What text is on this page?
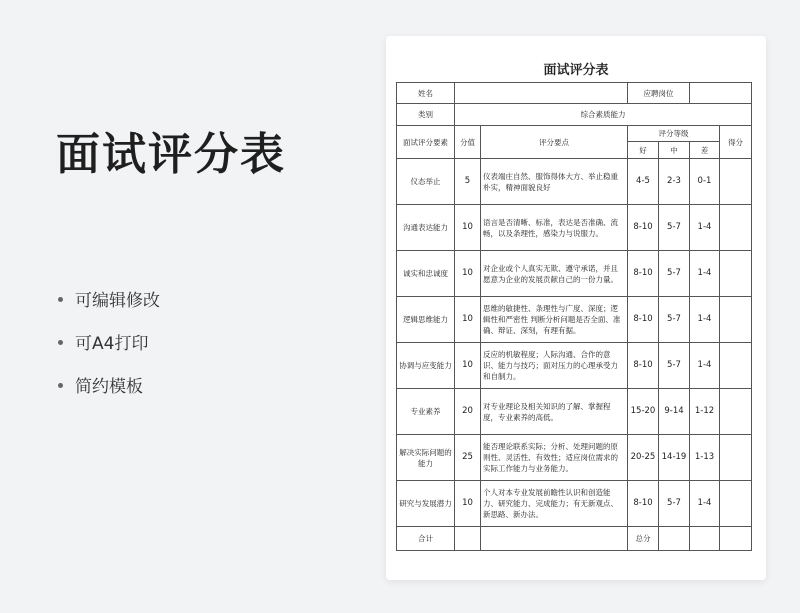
面试评分表
可编辑修改
可A4打印
简约模板
面试评分表
姓名			应聘岗位			
类别	综合素质能力					
面试评分要素	分值	评分要点	评分等级			得分
			好	中	差	
仪态举止	5	仪表端庄自然、服饰得体大方、举止稳重朴实，精神面貌良好	4-5	2-3	0-1	
沟通表达能力	10	语言是否清晰、标准，表达是否准确、流畅，以及条理性，感染力与说服力。	8-10	5-7	1-4	
诚实和忠诚度	10	对企业或个人真实无欺、遵守承诺，并且愿意为企业的发展贡献自己的一份力量。	8-10	5-7	1-4	
逻辑思维能力	10	思维的敏捷性、条理性与广度、深度；逻辑性和严密性 判断分析问题是否全面、准确、辩证、深刻，有理有据。	8-10	5-7	1-4	
协调与应变能力	10	反应的机敏程度；人际沟通、合作的意识、能力与技巧；面对压力的心理承受力和自制力。	8-10	5-7	1-4	
专业素养	20	对专业理论及相关知识的了解、掌握程度，专业素养的高低。	15-20	9-14	1-12	
解决实际问题的能力	25	能否理论联系实际；分析、处理问题的原则性、灵活性、有效性；适应岗位需求的实际工作能力与业务能力。	20-25	14-19	1-13	
研究与发展潜力	10	个人对本专业发展前瞻性认识和创造能力、研究能力、完成能力；有无新观点、新思路、新办法。	8-10	5-7	1-4	
合计			总分			
